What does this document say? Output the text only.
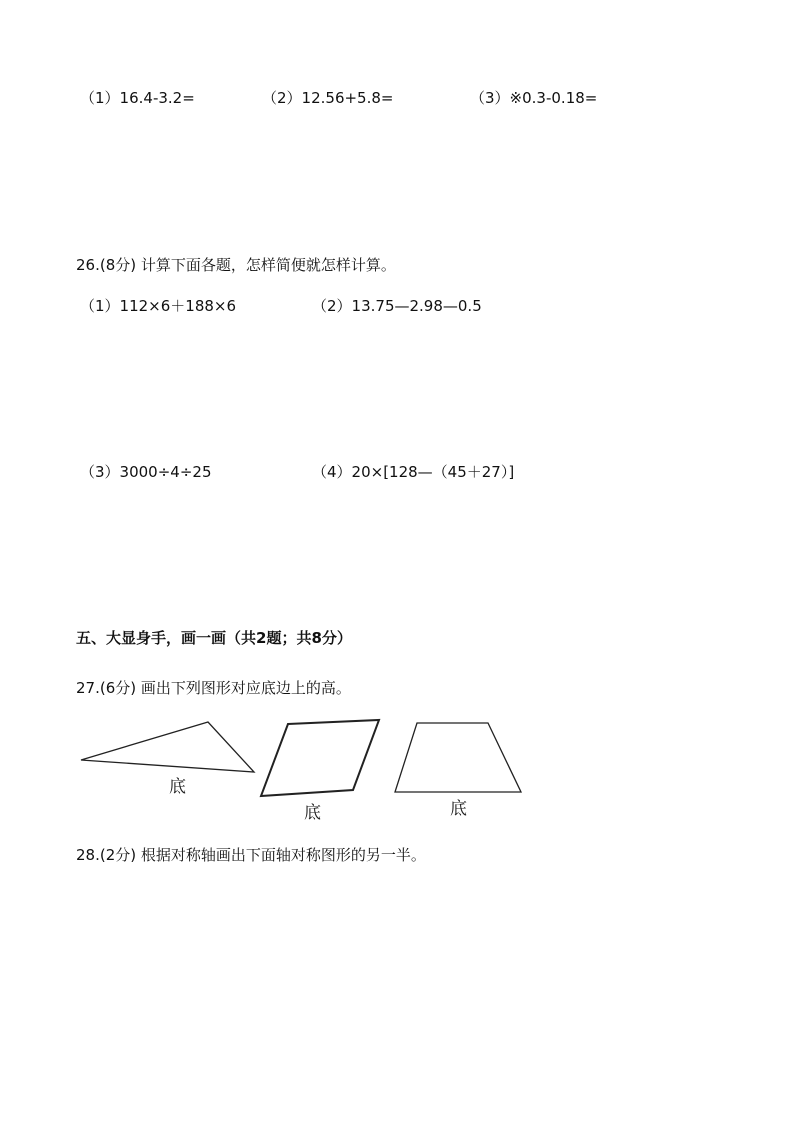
（1）16.4-3.2=	（2）12.56+5.8=	（3）※0.3-0.18=
26.(8分) 计算下面各题，怎样简便就怎样计算。
（1）112×6＋188×6	（2）13.75—2.98—0.5
（3）3000÷4÷25	（4）20×[128—（45＋27）]
五、大显身手，画一画（共2题；共8分）
27.(6分) 画出下列图形对应底边上的高。
底
底	底
28.(2分) 根据对称轴画出下面轴对称图形的另一半。
